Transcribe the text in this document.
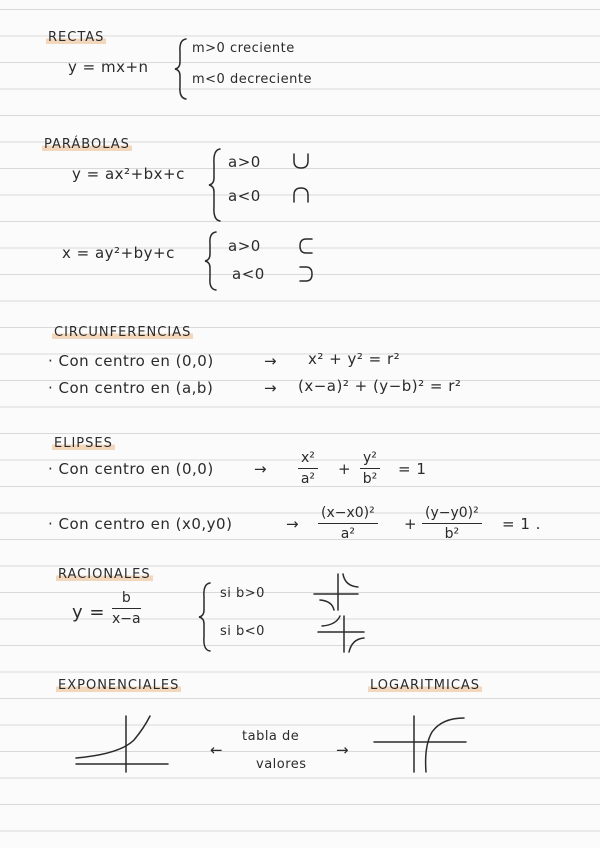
RECTAS
y = mx+n
m>0 creciente
m<0 decreciente
PARÁBOLAS
y = ax²+bx+c
a>0
a<0
x = ay²+by+c	a>0
a<0
CIRCUNFERENCIAS
· Con centro en (0,0)	→ x² + y² = r²
· Con centro en (a,b)	→ (x−a)² + (y−b)² = r²
ELIPSES
· Con centro en (0,0)	→ $\frac{\text{x²}}{\text{a²}} + \frac{\text{y²}}{\text{b²}} = 1$
· Con centro en (x0,y0)	→ $\frac{\text{(x−x0)²}}{\text{a²}} + \frac{\text{(y−y0)²}}{\text{b²}} = 1$ .
RACIONALES
$y = \frac{b}{x-a}$	si b>0
si b<0
EXPONENCIALES	LOGARITMICAS
←
tabla de
valores
→
